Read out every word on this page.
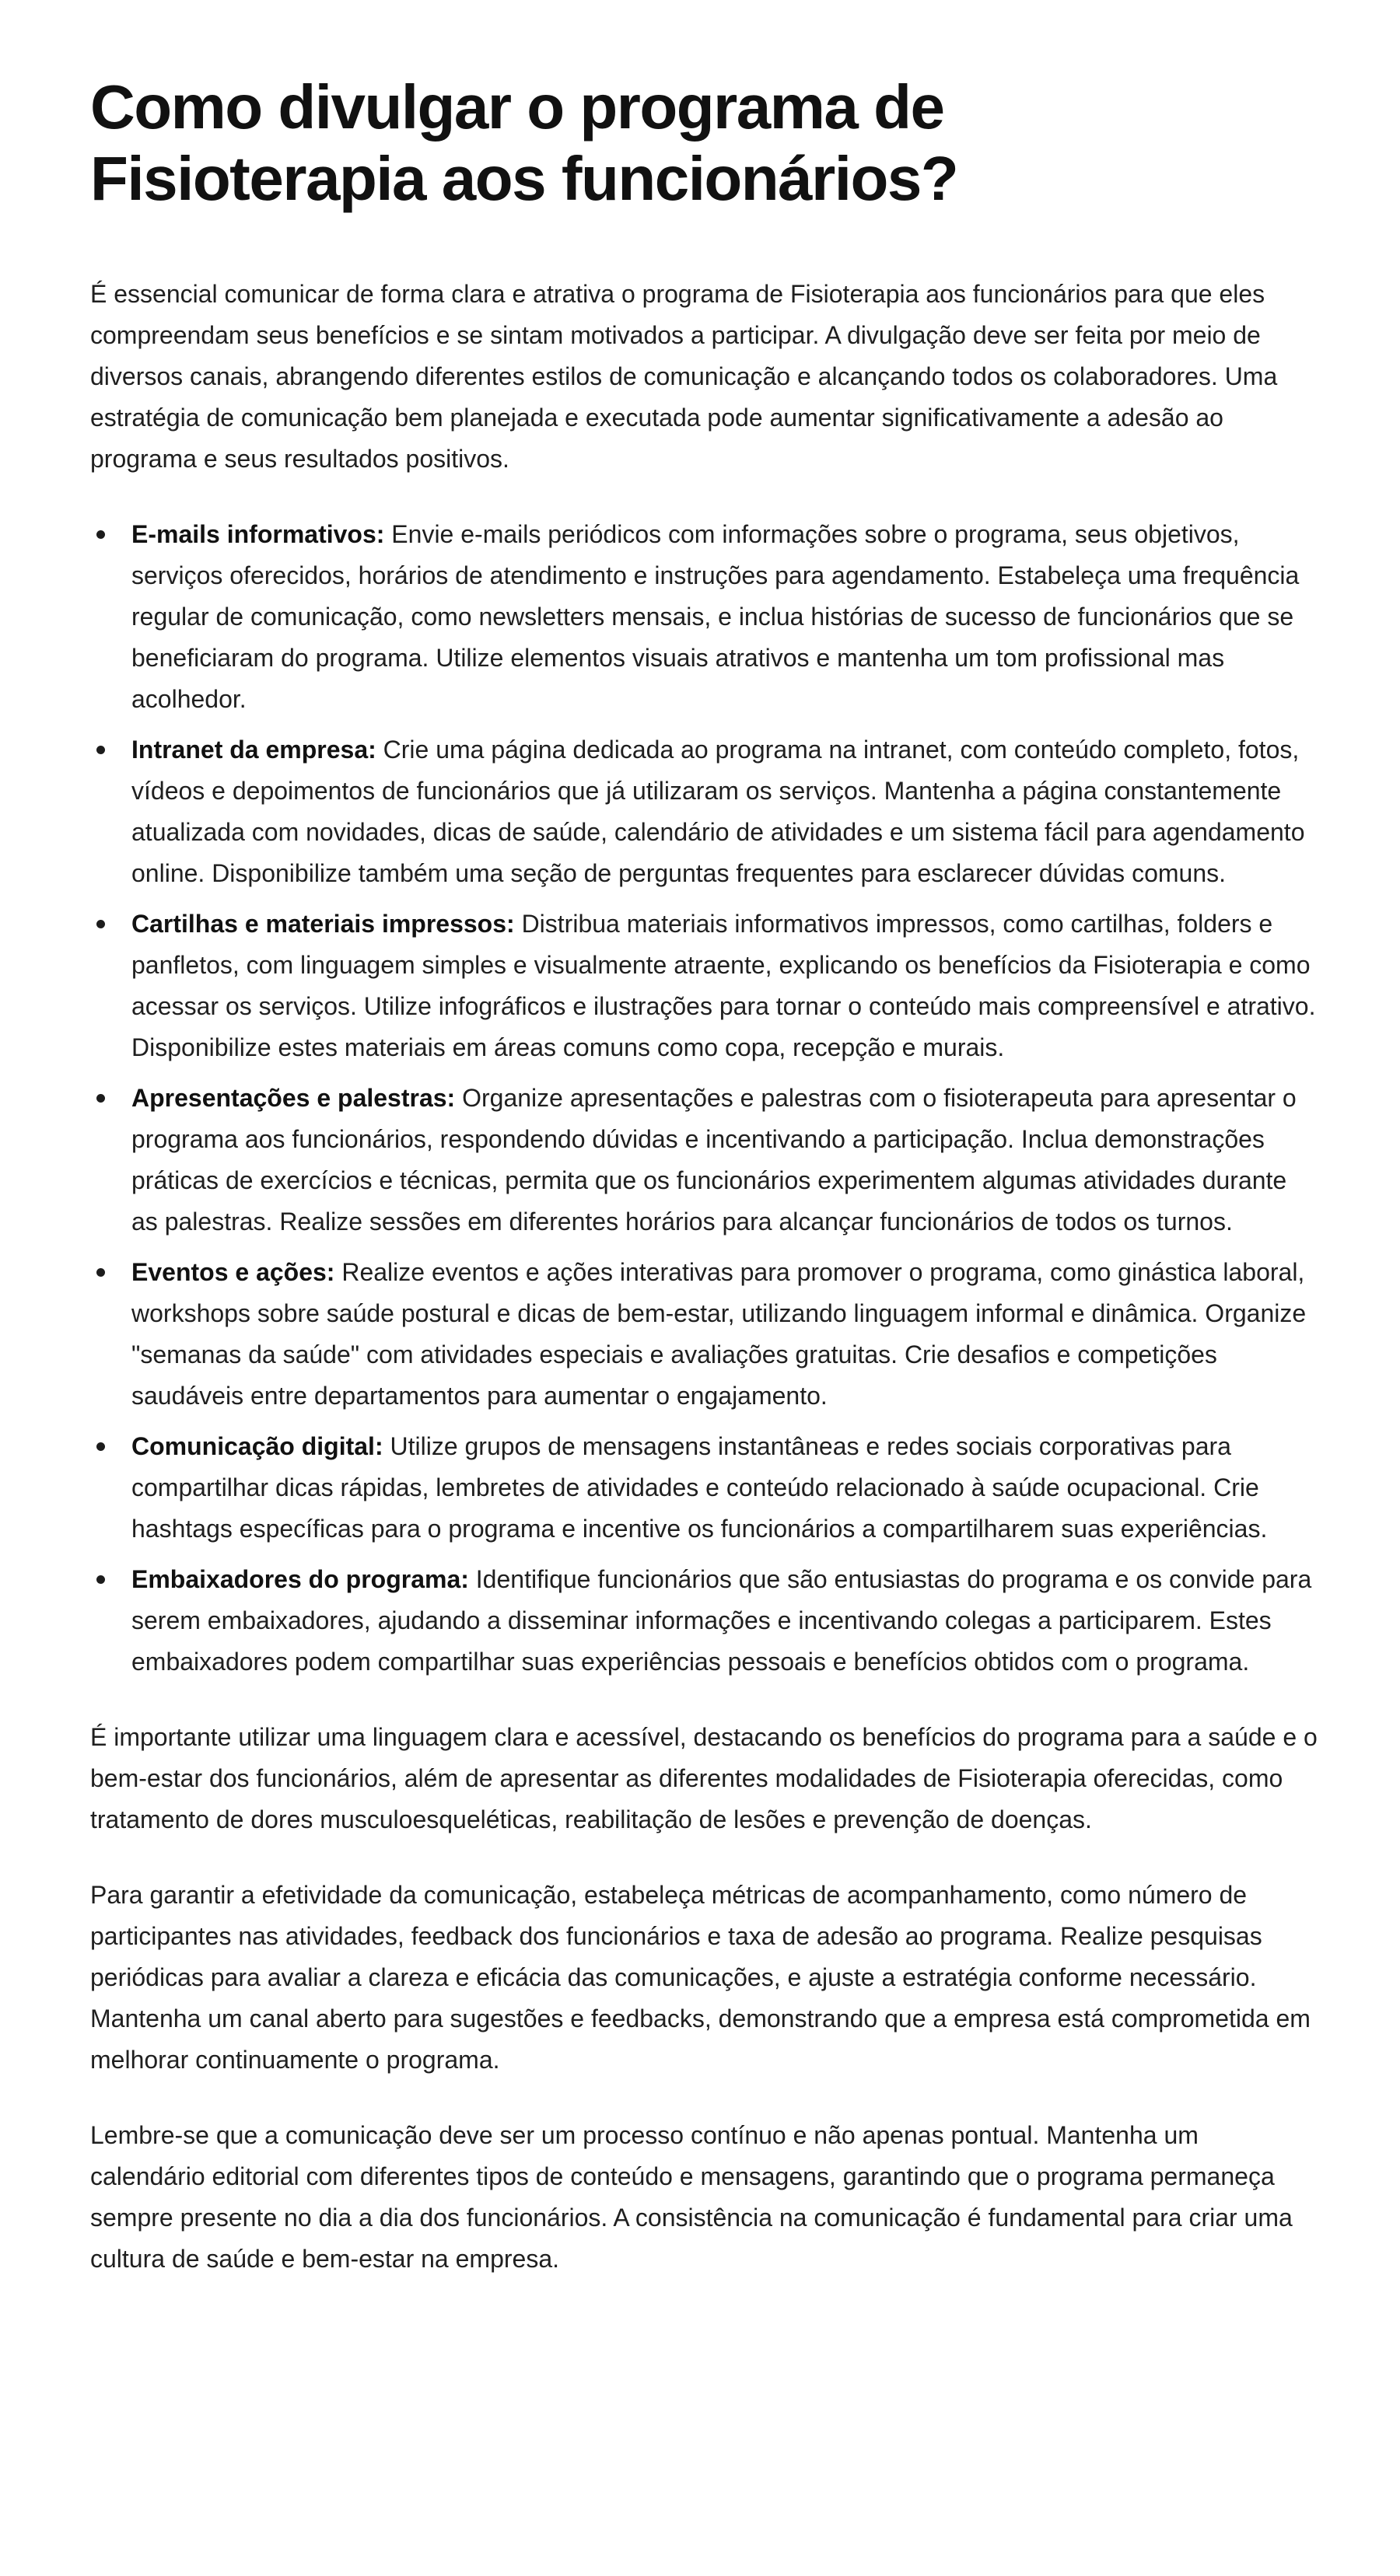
Como divulgar o programa de Fisioterapia aos funcionários?

É essencial comunicar de forma clara e atrativa o programa de Fisioterapia aos funcionários para que eles compreendam seus benefícios e se sintam motivados a participar. A divulgação deve ser feita por meio de diversos canais, abrangendo diferentes estilos de comunicação e alcançando todos os colaboradores. Uma estratégia de comunicação bem planejada e executada pode aumentar significativamente a adesão ao programa e seus resultados positivos.

E-mails informativos: Envie e-mails periódicos com informações sobre o programa, seus objetivos, serviços oferecidos, horários de atendimento e instruções para agendamento. Estabeleça uma frequência regular de comunicação, como newsletters mensais, e inclua histórias de sucesso de funcionários que se beneficiaram do programa. Utilize elementos visuais atrativos e mantenha um tom profissional mas acolhedor.
Intranet da empresa: Crie uma página dedicada ao programa na intranet, com conteúdo completo, fotos, vídeos e depoimentos de funcionários que já utilizaram os serviços. Mantenha a página constantemente atualizada com novidades, dicas de saúde, calendário de atividades e um sistema fácil para agendamento online. Disponibilize também uma seção de perguntas frequentes para esclarecer dúvidas comuns.
Cartilhas e materiais impressos: Distribua materiais informativos impressos, como cartilhas, folders e panfletos, com linguagem simples e visualmente atraente, explicando os benefícios da Fisioterapia e como acessar os serviços. Utilize infográficos e ilustrações para tornar o conteúdo mais compreensível e atrativo. Disponibilize estes materiais em áreas comuns como copa, recepção e murais.
Apresentações e palestras: Organize apresentações e palestras com o fisioterapeuta para apresentar o programa aos funcionários, respondendo dúvidas e incentivando a participação. Inclua demonstrações práticas de exercícios e técnicas, permita que os funcionários experimentem algumas atividades durante as palestras. Realize sessões em diferentes horários para alcançar funcionários de todos os turnos.
Eventos e ações: Realize eventos e ações interativas para promover o programa, como ginástica laboral, workshops sobre saúde postural e dicas de bem-estar, utilizando linguagem informal e dinâmica. Organize "semanas da saúde" com atividades especiais e avaliações gratuitas. Crie desafios e competições saudáveis entre departamentos para aumentar o engajamento.
Comunicação digital: Utilize grupos de mensagens instantâneas e redes sociais corporativas para compartilhar dicas rápidas, lembretes de atividades e conteúdo relacionado à saúde ocupacional. Crie hashtags específicas para o programa e incentive os funcionários a compartilharem suas experiências.
Embaixadores do programa: Identifique funcionários que são entusiastas do programa e os convide para serem embaixadores, ajudando a disseminar informações e incentivando colegas a participarem. Estes embaixadores podem compartilhar suas experiências pessoais e benefícios obtidos com o programa.

É importante utilizar uma linguagem clara e acessível, destacando os benefícios do programa para a saúde e o bem-estar dos funcionários, além de apresentar as diferentes modalidades de Fisioterapia oferecidas, como tratamento de dores musculoesqueléticas, reabilitação de lesões e prevenção de doenças.

Para garantir a efetividade da comunicação, estabeleça métricas de acompanhamento, como número de participantes nas atividades, feedback dos funcionários e taxa de adesão ao programa. Realize pesquisas periódicas para avaliar a clareza e eficácia das comunicações, e ajuste a estratégia conforme necessário. Mantenha um canal aberto para sugestões e feedbacks, demonstrando que a empresa está comprometida em melhorar continuamente o programa.

Lembre-se que a comunicação deve ser um processo contínuo e não apenas pontual. Mantenha um calendário editorial com diferentes tipos de conteúdo e mensagens, garantindo que o programa permaneça sempre presente no dia a dia dos funcionários. A consistência na comunicação é fundamental para criar uma cultura de saúde e bem-estar na empresa.
